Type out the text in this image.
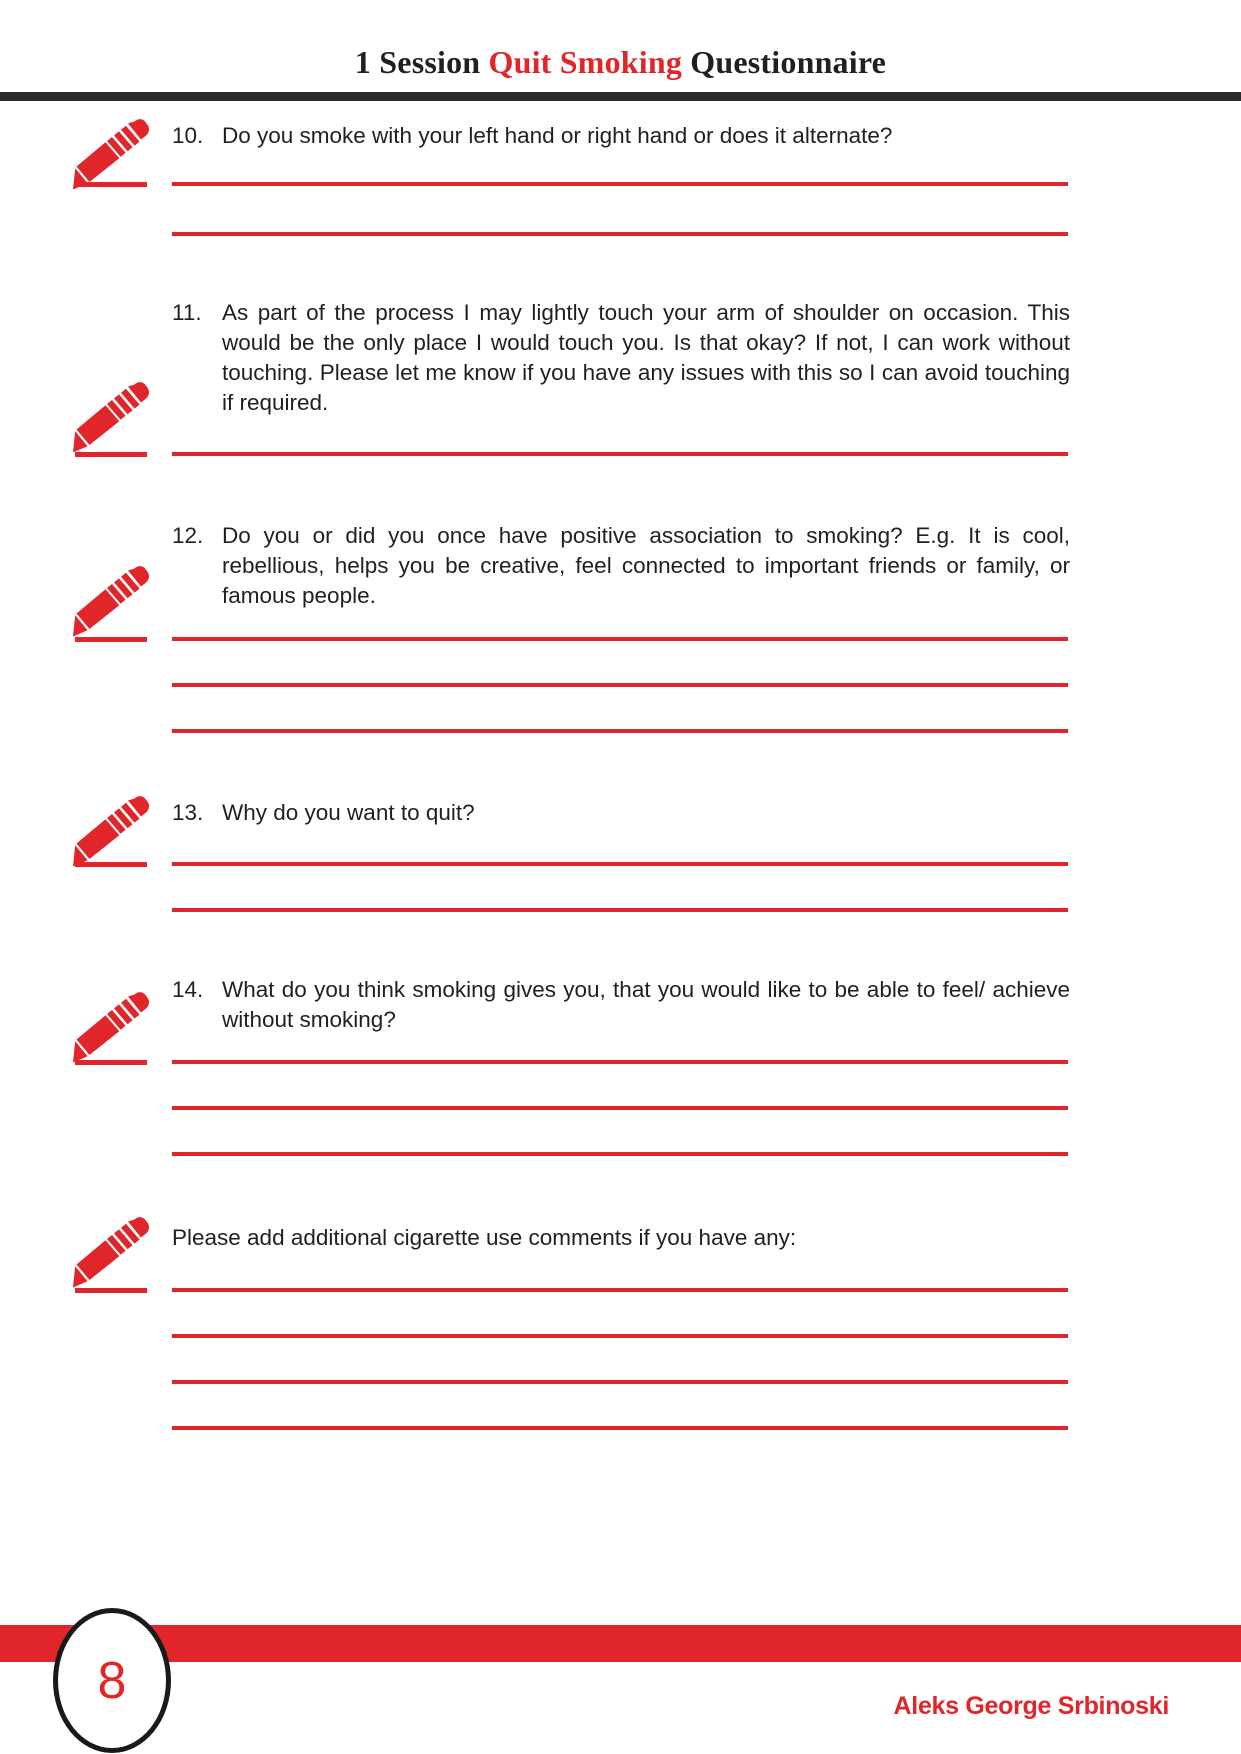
1 Session Quit Smoking Questionnaire
10. Do you smoke with your left hand or right hand or does it alternate?
11. As part of the process I may lightly touch your arm of shoulder on occasion. This would be the only place I would touch you. Is that okay? If not, I can work without touching. Please let me know if you have any issues with this so I can avoid touching if required.
12. Do you or did you once have positive association to smoking? E.g. It is cool, rebellious, helps you be creative, feel connected to important friends or family, or famous people.
13. Why do you want to quit?
14. What do you think smoking gives you, that you would like to be able to feel/ achieve without smoking?
Please add additional cigarette use comments if you have any:
8	Aleks George Srbinoski
